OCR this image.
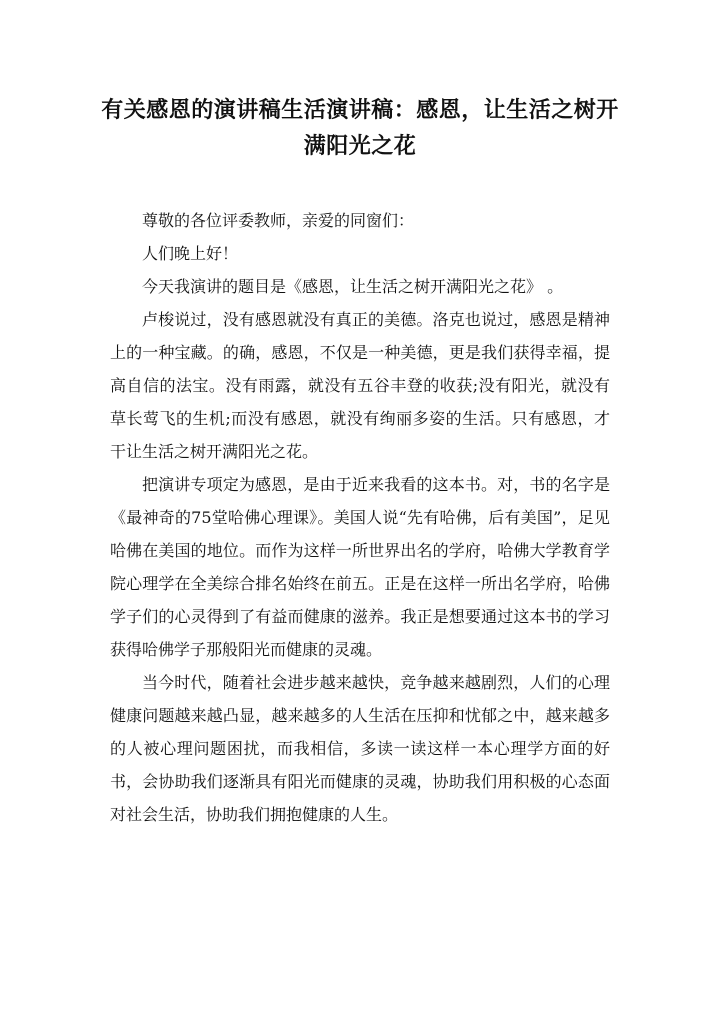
有关感恩的演讲稿生活演讲稿：感恩，让生活之树开满阳光之花

尊敬的各位评委教师，亲爱的同窗们：

人们晚上好！

今天我演讲的题目是《感恩，让生活之树开满阳光之花》 。

卢梭说过，没有感恩就没有真正的美德。洛克也说过，感恩是精神上的一种宝藏。的确，感恩，不仅是一种美德，更是我们获得幸福，提高自信的法宝。没有雨露，就没有五谷丰登的收获;没有阳光，就没有草长莺飞的生机;而没有感恩，就没有绚丽多姿的生活。只有感恩，才干让生活之树开满阳光之花。

把演讲专项定为感恩，是由于近来我看的这本书。对，书的名字是《最神奇的75堂哈佛心理课》。美国人说“先有哈佛，后有美国”，足见哈佛在美国的地位。而作为这样一所世界出名的学府，哈佛大学教育学院心理学在全美综合排名始终在前五。正是在这样一所出名学府，哈佛学子们的心灵得到了有益而健康的滋养。我正是想要通过这本书的学习获得哈佛学子那般阳光而健康的灵魂。

当今时代，随着社会进步越来越快，竞争越来越剧烈，人们的心理健康问题越来越凸显，越来越多的人生活在压抑和忧郁之中，越来越多的人被心理问题困扰，而我相信，多读一读这样一本心理学方面的好书，会协助我们逐渐具有阳光而健康的灵魂，协助我们用积极的心态面对社会生活，协助我们拥抱健康的人生。
